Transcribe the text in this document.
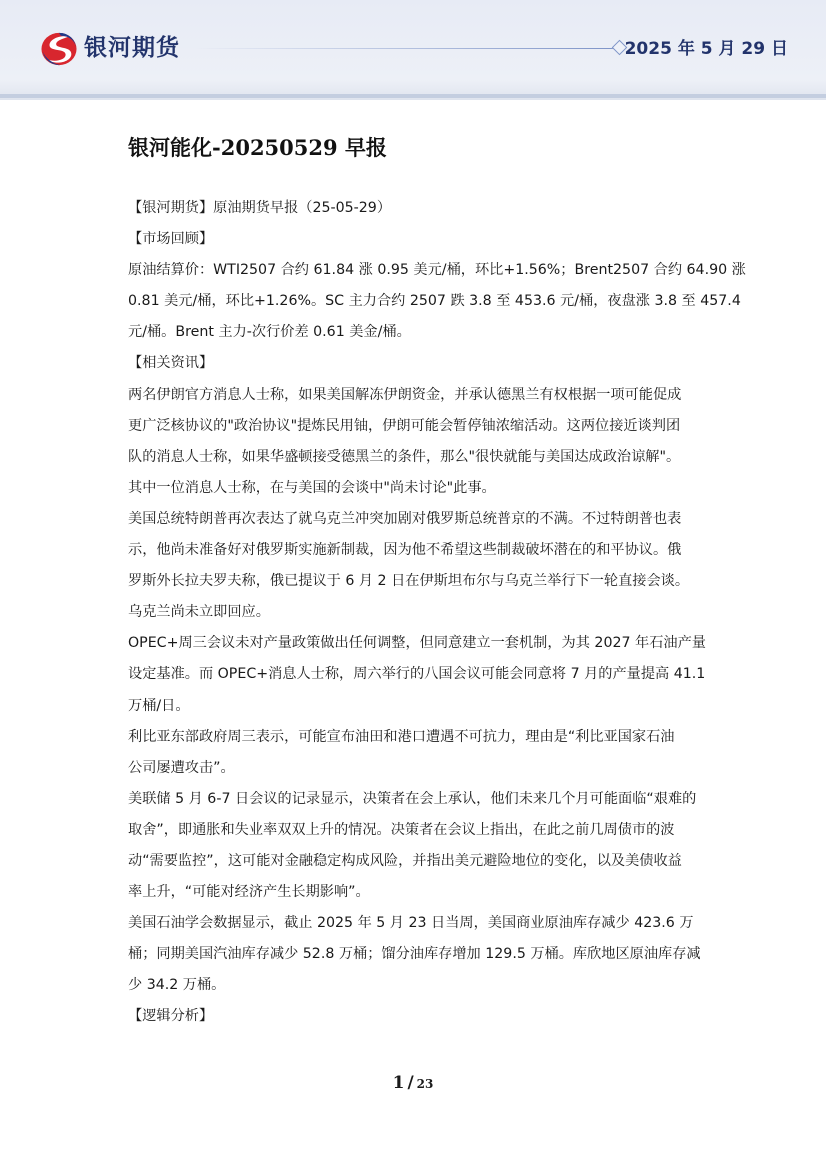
银河期货	2025 年 5 月 29 日
银河能化-20250529 早报
【银河期货】原油期货早报（25-05-29）
【市场回顾】
原油结算价：WTI2507 合约 61.84 涨 0.95 美元/桶，环比+1.56%；Brent2507 合约 64.90 涨
0.81 美元/桶，环比+1.26%。SC 主力合约 2507 跌 3.8 至 453.6 元/桶，夜盘涨 3.8 至 457.4
元/桶。Brent 主力-次行价差 0.61 美金/桶。
【相关资讯】
两名伊朗官方消息人士称，如果美国解冻伊朗资金，并承认德黑兰有权根据一项可能促成
更广泛核协议的"政治协议"提炼民用铀，伊朗可能会暂停铀浓缩活动。这两位接近谈判团
队的消息人士称，如果华盛顿接受德黑兰的条件，那么"很快就能与美国达成政治谅解"。
其中一位消息人士称，在与美国的会谈中"尚未讨论"此事。
美国总统特朗普再次表达了就乌克兰冲突加剧对俄罗斯总统普京的不满。不过特朗普也表
示，他尚未准备好对俄罗斯实施新制裁，因为他不希望这些制裁破坏潜在的和平协议。俄
罗斯外长拉夫罗夫称，俄已提议于 6 月 2 日在伊斯坦布尔与乌克兰举行下一轮直接会谈。
乌克兰尚未立即回应。
OPEC+周三会议未对产量政策做出任何调整，但同意建立一套机制，为其 2027 年石油产量
设定基准。而 OPEC+消息人士称，周六举行的八国会议可能会同意将 7 月的产量提高 41.1
万桶/日。
利比亚东部政府周三表示，可能宣布油田和港口遭遇不可抗力，理由是“利比亚国家石油
公司屡遭攻击”。
美联储 5 月 6-7 日会议的记录显示，决策者在会上承认，他们未来几个月可能面临“艰难的
取舍”，即通胀和失业率双双上升的情况。决策者在会议上指出，在此之前几周债市的波
动“需要监控”，这可能对金融稳定构成风险，并指出美元避险地位的变化，以及美债收益
率上升，“可能对经济产生长期影响”。
美国石油学会数据显示，截止 2025 年 5 月 23 日当周，美国商业原油库存减少 423.6 万
桶；同期美国汽油库存减少 52.8 万桶；馏分油库存增加 129.5 万桶。库欣地区原油库存减
少 34.2 万桶。
【逻辑分析】
1 / 23
